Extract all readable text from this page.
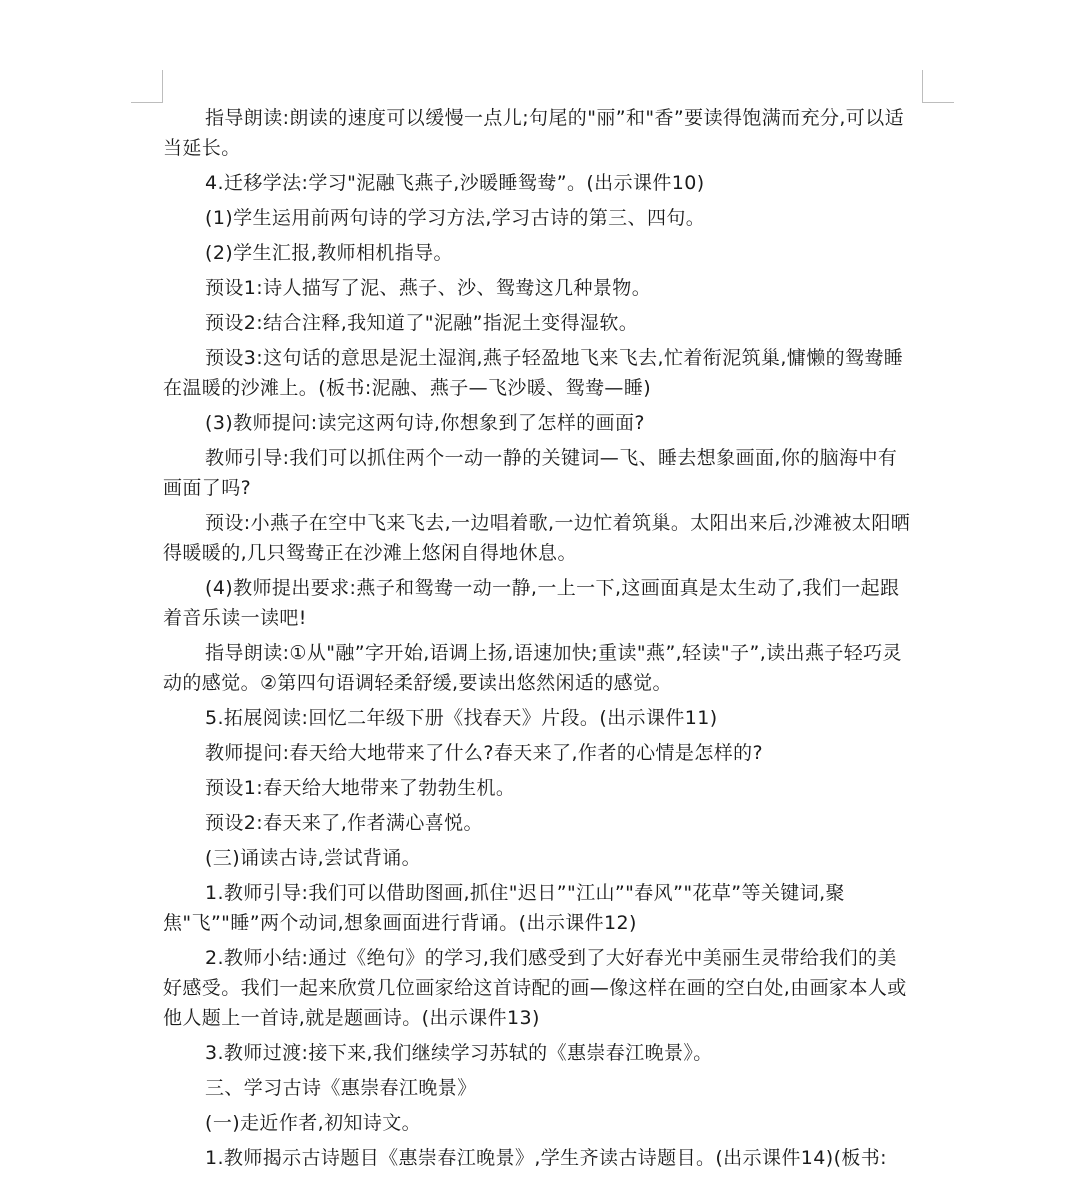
指导朗读:朗读的速度可以缓慢一点儿;句尾的"丽”和"香”要读得饱满而充分,可以适当延长。

4.迁移学法:学习"泥融飞燕子,沙暖睡鸳鸯”。(出示课件10)

(1)学生运用前两句诗的学习方法,学习古诗的第三、四句。

(2)学生汇报,教师相机指导。

预设1:诗人描写了泥、燕子、沙、鸳鸯这几种景物。

预设2:结合注释,我知道了"泥融”指泥土变得湿软。

预设3:这句话的意思是泥土湿润,燕子轻盈地飞来飞去,忙着衔泥筑巢,慵懒的鸳鸯睡在温暖的沙滩上。(板书:泥融、燕子—飞沙暖、鸳鸯—睡)

(3)教师提问:读完这两句诗,你想象到了怎样的画面?

教师引导:我们可以抓住两个一动一静的关键词—飞、睡去想象画面,你的脑海中有画面了吗?

预设:小燕子在空中飞来飞去,一边唱着歌,一边忙着筑巢。太阳出来后,沙滩被太阳晒得暖暖的,几只鸳鸯正在沙滩上悠闲自得地休息。

(4)教师提出要求:燕子和鸳鸯一动一静,一上一下,这画面真是太生动了,我们一起跟着音乐读一读吧!

指导朗读:①从"融”字开始,语调上扬,语速加快;重读"燕”,轻读"子”,读出燕子轻巧灵动的感觉。②第四句语调轻柔舒缓,要读出悠然闲适的感觉。

5.拓展阅读:回忆二年级下册《找春天》片段。(出示课件11)

教师提问:春天给大地带来了什么?春天来了,作者的心情是怎样的?

预设1:春天给大地带来了勃勃生机。

预设2:春天来了,作者满心喜悦。

(三)诵读古诗,尝试背诵。

1.教师引导:我们可以借助图画,抓住"迟日”"江山”"春风”"花草”等关键词,聚焦"飞”"睡”两个动词,想象画面进行背诵。(出示课件12)

2.教师小结:通过《绝句》的学习,我们感受到了大好春光中美丽生灵带给我们的美好感受。我们一起来欣赏几位画家给这首诗配的画—像这样在画的空白处,由画家本人或他人题上一首诗,就是题画诗。(出示课件13)

3.教师过渡:接下来,我们继续学习苏轼的《惠崇春江晚景》。

三、学习古诗《惠崇春江晚景》

(一)走近作者,初知诗文。

1.教师揭示古诗题目《惠崇春江晚景》,学生齐读古诗题目。(出示课件14)(板书:
